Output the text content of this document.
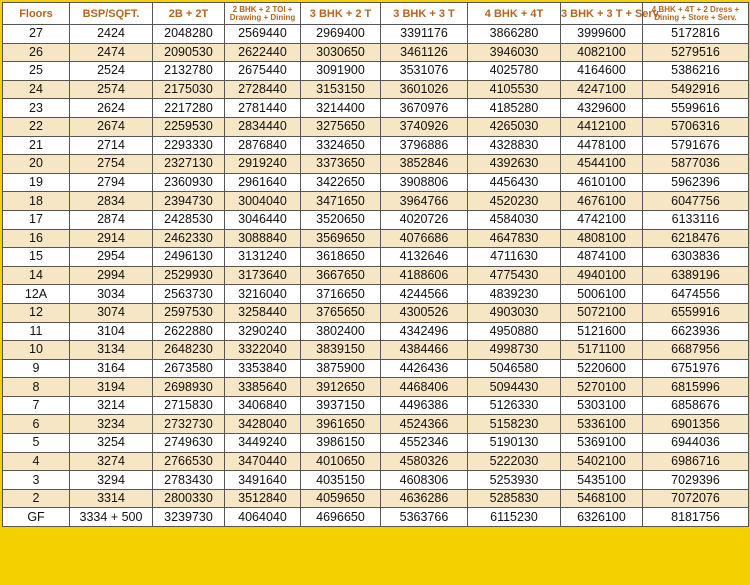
Floors	BSP/SQFT.	2B + 2T	2 BHK + 2 TOI +
Drawing + Dining	3 BHK + 2 T	3 BHK + 3 T	4 BHK + 4T	3 BHK + 3 T + Serv.	4 BHK + 4T + 2 Dress +
Dining + Store + Serv.

27	2424	2048280	2569440	2969400	3391176	3866280	3999600	5172816
26	2474	2090530	2622440	3030650	3461126	3946030	4082100	5279516
25	2524	2132780	2675440	3091900	3531076	4025780	4164600	5386216
24	2574	2175030	2728440	3153150	3601026	4105530	4247100	5492916
23	2624	2217280	2781440	3214400	3670976	4185280	4329600	5599616
22	2674	2259530	2834440	3275650	3740926	4265030	4412100	5706316
21	2714	2293330	2876840	3324650	3796886	4328830	4478100	5791676
20	2754	2327130	2919240	3373650	3852846	4392630	4544100	5877036
19	2794	2360930	2961640	3422650	3908806	4456430	4610100	5962396
18	2834	2394730	3004040	3471650	3964766	4520230	4676100	6047756
17	2874	2428530	3046440	3520650	4020726	4584030	4742100	6133116
16	2914	2462330	3088840	3569650	4076686	4647830	4808100	6218476
15	2954	2496130	3131240	3618650	4132646	4711630	4874100	6303836
14	2994	2529930	3173640	3667650	4188606	4775430	4940100	6389196
12A	3034	2563730	3216040	3716650	4244566	4839230	5006100	6474556
12	3074	2597530	3258440	3765650	4300526	4903030	5072100	6559916
11	3104	2622880	3290240	3802400	4342496	4950880	5121600	6623936
10	3134	2648230	3322040	3839150	4384466	4998730	5171100	6687956
9	3164	2673580	3353840	3875900	4426436	5046580	5220600	6751976
8	3194	2698930	3385640	3912650	4468406	5094430	5270100	6815996
7	3214	2715830	3406840	3937150	4496386	5126330	5303100	6858676
6	3234	2732730	3428040	3961650	4524366	5158230	5336100	6901356
5	3254	2749630	3449240	3986150	4552346	5190130	5369100	6944036
4	3274	2766530	3470440	4010650	4580326	5222030	5402100	6986716
3	3294	2783430	3491640	4035150	4608306	5253930	5435100	7029396
2	3314	2800330	3512840	4059650	4636286	5285830	5468100	7072076
GF	3334 + 500	3239730	4064040	4696650	5363766	6115230	6326100	8181756
